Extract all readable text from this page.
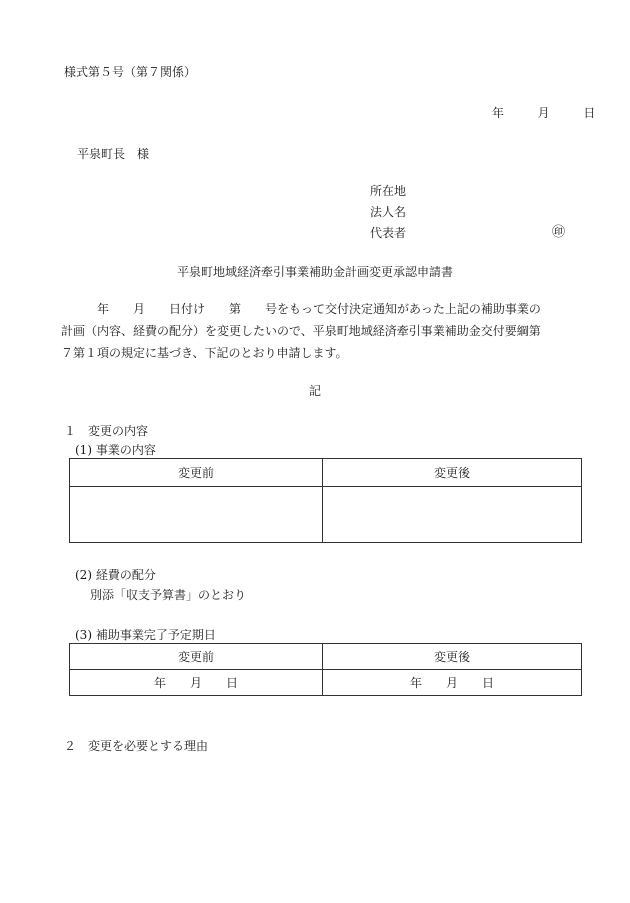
様式第５号（第７関係）
年	月	日
平泉町長　様
所在地
法人名
代表者	㊞
平泉町地域経済牽引事業補助金計画変更承認申請書
　　　年　　月　　日付け　　第　　号をもって交付決定通知があった上記の補助事業の
計画（内容、経費の配分）を変更したいので、平泉町地域経済牽引事業補助金交付要綱第
７第１項の規定に基づき、下記のとおり申請します。
記
１　変更の内容
(1) 事業の内容
変更前	変更後

(2) 経費の配分
別添「収支予算書」のとおり
(3) 補助事業完了予定期日
変更前	変更後
年　　月　　日	年　　月　　日
２　変更を必要とする理由
